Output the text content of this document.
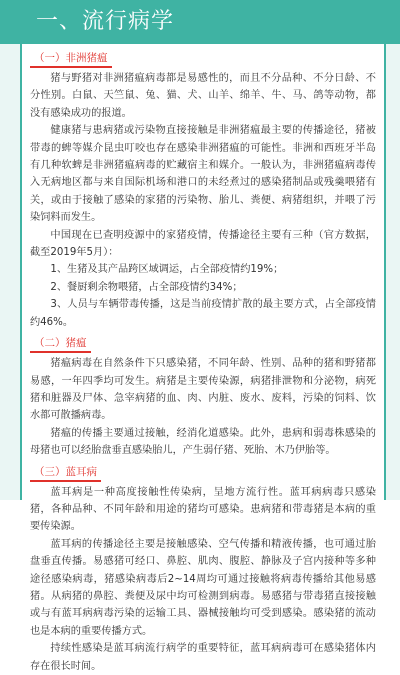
一、流行病学
（一）非洲猪瘟

猪与野猪对非洲猪瘟病毒都是易感性的，而且不分品种、不分日龄、不分性别。白鼠、天竺鼠、兔、猫、犬、山羊、绵羊、牛、马、鸽等动物，都没有感染成功的报道。

健康猪与患病猪或污染物直接接触是非洲猪瘟最主要的传播途径，猪被带毒的蜱等媒介昆虫叮咬也存在感染非洲猪瘟的可能性。非洲和西班牙半岛有几种软蜱是非洲猪瘟病毒的贮藏宿主和媒介。一般认为，非洲猪瘟病毒传入无病地区都与来自国际机场和港口的未经煮过的感染猪制品或残羹喂猪有关，或由于接触了感染的家猪的污染物、胎儿、粪便、病猪组织，并喂了污染饲料而发生。

中国现在已查明疫源中的家猪疫情，传播途径主要有三种（官方数据，截至2019年5月）：

1、生猪及其产品跨区域调运，占全部疫情约19%；

2、餐厨剩余物喂猪，占全部疫情约34%；

3、人员与车辆带毒传播，这是当前疫情扩散的最主要方式，占全部疫情约46%。

（二）猪瘟

猪瘟病毒在自然条件下只感染猪，不同年龄、性别、品种的猪和野猪都易感，一年四季均可发生。病猪是主要传染源，病猪排泄物和分泌物，病死猪和脏器及尸体、急宰病猪的血、肉、内脏、废水、废料，污染的饲料、饮水都可散播病毒。

猪瘟的传播主要通过接触，经消化道感染。此外，患病和弱毒株感染的母猪也可以经胎盘垂直感染胎儿，产生弱仔猪、死胎、木乃伊胎等。

（三）蓝耳病

蓝耳病是一种高度接触性传染病，呈地方流行性。蓝耳病病毒只感染猪，各种品种、不同年龄和用途的猪均可感染。患病猪和带毒猪是本病的重要传染源。

蓝耳病的传播途径主要是接触感染、空气传播和精液传播，也可通过胎盘垂直传播。易感猪可经口、鼻腔、肌肉、腹腔、静脉及子宫内接种等多种途径感染病毒，猪感染病毒后2~14周均可通过接触将病毒传播给其他易感猪。从病猪的鼻腔、粪便及尿中均可检测到病毒。易感猪与带毒猪直接接触或与有蓝耳病病毒污染的运输工具、器械接触均可受到感染。感染猪的流动也是本病的重要传播方式。

持续性感染是蓝耳病流行病学的重要特征，蓝耳病病毒可在感染猪体内存在很长时间。
